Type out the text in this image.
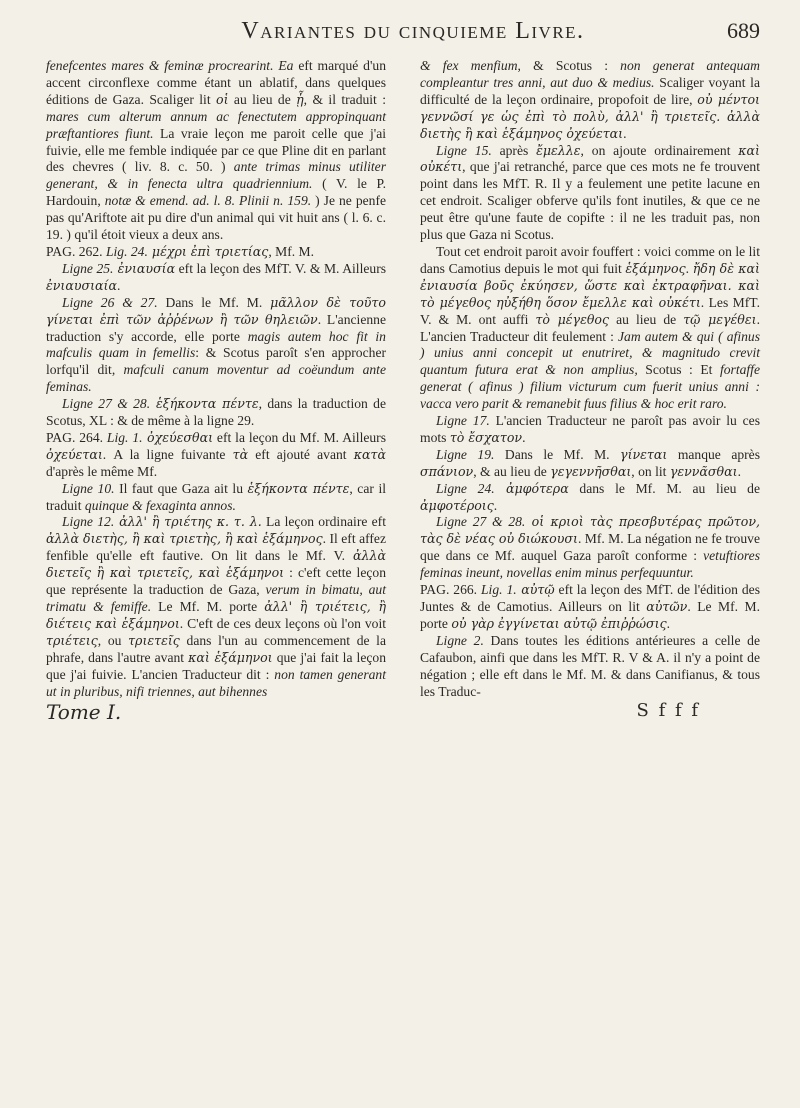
Variantes du cinquieme Livre.	689

fenefcentes mares & feminæ procrearint. Ea eft marqué d'un accent circonflexe comme étant un ablatif, dans quelques éditions de Gaza. Scaliger lit οἱ au lieu de ᾗ, & il traduit : mares cum alterum annum ac fenectutem appropinquant præftantiores fiunt. La vraie leçon me paroit celle que j'ai fuivie, elle me femble indiquée par ce que Pline dit en parlant des chevres ( liv. 8. c. 50. ) ante trimas minus utiliter generant, & in fenecta ultra quadriennium. ( V. le P. Hardouin, notæ & emend. ad. l. 8. Plinii n. 159. ) Je ne penfe pas qu'Ariftote ait pu dire d'un animal qui vit huit ans ( l. 6. c. 19. ) qu'il étoit vieux a deux ans.

PAG. 262. Lig. 24. μέχρι ἐπὶ τριετίας, Mf. M.

Ligne 25. ἐνιαυσία eft la leçon des MfT. V. & M. Ailleurs ἐνιαυσιαία.

Ligne 26 & 27. Dans le Mf. M. μᾶλλον δὲ τοῦτο γίνεται ἐπὶ τῶν ἀῤῥένων ἢ τῶν θηλειῶν. L'ancienne traduction s'y accorde, elle porte magis autem hoc fit in mafculis quam in femellis: & Scotus paroît s'en approcher lorfqu'il dit, mafculi canum moventur ad coëundum ante feminas.

Ligne 27 & 28. ἑξήκοντα πέντε, dans la traduction de Scotus, XL : & de même à la ligne 29.

PAG. 264. Lig. 1. ὀχεύεσθαι eft la leçon du Mf. M. Ailleurs ὀχεύεται. A la ligne fuivante τὰ eft ajouté avant κατὰ d'après le même Mf.

Ligne 10. Il faut que Gaza ait lu ἑξήκοντα πέντε, car il traduit quinque & fexaginta annos.

Ligne 12. ἀλλ' ἢ τριέτης κ. τ. λ. La leçon ordinaire eft ἀλλὰ διετὴς, ἢ καὶ τριετὴς, ἢ καὶ ἑξάμηνος. Il eft affez fenfible qu'elle eft fautive. On lit dans le Mf. V. ἀλλὰ διετεῖς ἢ καὶ τριετεῖς, καὶ ἑξάμηνοι : c'eft cette leçon que représente la traduction de Gaza, verum in bimatu, aut trimatu & femiffe. Le Mf. M. porte ἀλλ' ἢ τριέτεις, ἢ διέτεις καὶ ἑξάμηνοι. C'eft de ces deux leçons où l'on voit τριέτεις, ou τριετεῖς dans l'un au commencement de la phrafe, dans l'autre avant καὶ ἑξάμηνοι que j'ai fait la leçon que j'ai fuivie. L'ancien Traducteur dit : non tamen generant ut in pluribus, nifi triennes, aut bihennes

& fex menfium, & Scotus : non generat antequam compleantur tres anni, aut duo & medius. Scaliger voyant la difficulté de la leçon ordinaire, propofoit de lire, οὐ μέντοι γεννῶσί γε ὡς ἐπὶ τὸ πολὺ, ἀλλ' ἢ τριετεῖς. ἀλλὰ διετὴς ἢ καὶ ἑξάμηνος ὀχεύεται.

Ligne 15. après ἔμελλε, on ajoute ordinairement καὶ οὐκέτι, que j'ai retranché, parce que ces mots ne fe trouvent point dans les MfT. R. Il y a feulement une petite lacune en cet endroit. Scaliger obferve qu'ils font inutiles, & que ce ne peut être qu'une faute de copifte : il ne les traduit pas, non plus que Gaza ni Scotus.

Tout cet endroit paroit avoir fouffert : voici comme on le lit dans Camotius depuis le mot qui fuit ἑξάμηνος. ἤδη δὲ καὶ ἐνιαυσία βοῦς ἐκύησεν, ὥστε καὶ ἐκτραφῆναι. καὶ τὸ μέγεθος ηὐξήθη ὅσον ἔμελλε καὶ οὐκέτι. Les MfT. V. & M. ont auffi τὸ μέγεθος au lieu de τῷ μεγέθει. L'ancien Traducteur dit feulement : Jam autem & qui ( afinus ) unius anni concepit ut enutriret, & magnitudo crevit quantum futura erat & non amplius, Scotus : Et fortaffe generat ( afinus ) filium victurum cum fuerit unius anni : vacca vero parit & remanebit fuus filius & hoc erit raro.

Ligne 17. L'ancien Traducteur ne paroît pas avoir lu ces mots τὸ ἔσχατον.

Ligne 19. Dans le Mf. M. γίνεται manque après σπάνιον, & au lieu de γεγεννῆσθαι, on lit γεννᾶσθαι.

Ligne 24. ἀμφότερα dans le Mf. M. au lieu de ἀμφοτέροις.

Ligne 27 & 28. οἱ κριοὶ τὰς πρεσβυτέρας πρῶτον, τὰς δὲ νέας οὐ διώκουσι. Mf. M. La négation ne fe trouve que dans ce Mf. auquel Gaza paroît conforme : vetuftiores feminas ineunt, novellas enim minus perfequuntur.

PAG. 266. Lig. 1. αὐτῷ eft la leçon des MfT. de l'édition des Juntes & de Camotius. Ailleurs on lit αὐτῶν. Le Mf. M. porte οὐ γὰρ ἐγγίνεται αὐτῷ ἐπιῤῥώσις.

Ligne 2. Dans toutes les éditions antérieures a celle de Cafaubon, ainfi que dans les MfT. R. V & A. il n'y a point de négation ; elle eft dans le Mf. M. & dans Canifianus, & tous les Traduc-

Tome I.	S f f f
